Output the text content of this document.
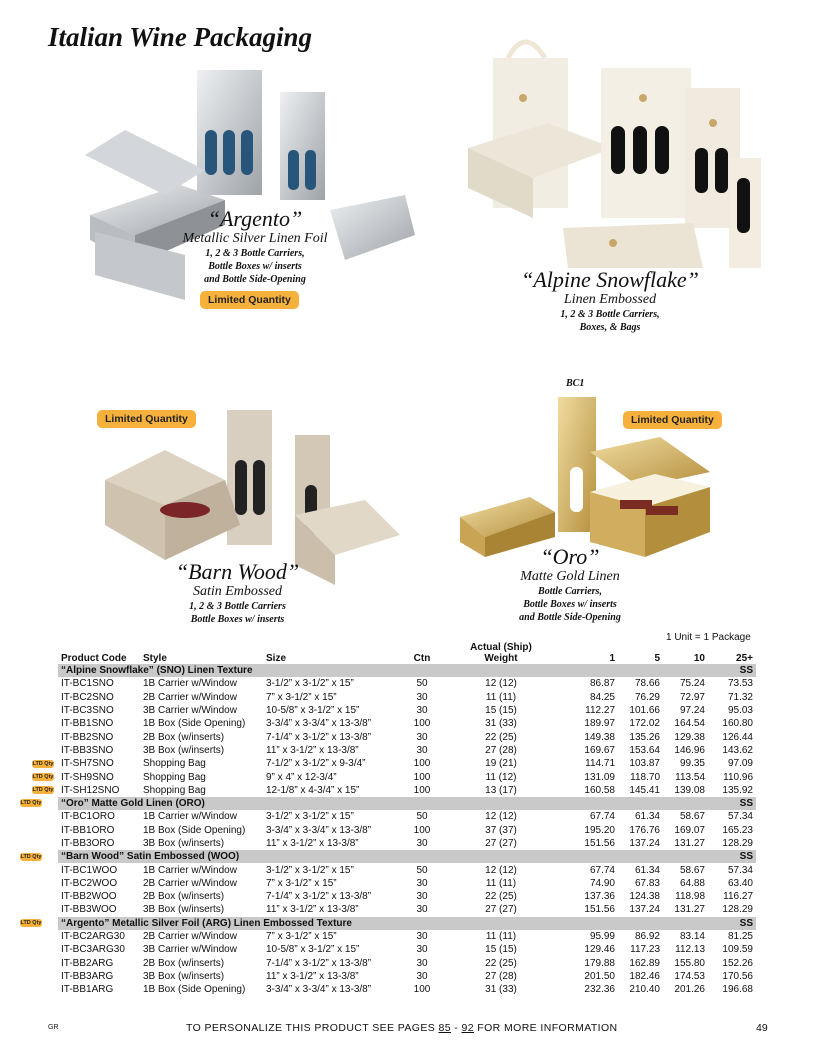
Italian Wine Packaging
“Argento”
Metallic Silver Linen Foil
1, 2 & 3 Bottle Carriers,
Bottle Boxes w/ inserts
and Bottle Side-Opening
Limited Quantity
“Alpine Snowflake”
Linen Embossed
1, 2 & 3 Bottle Carriers,
Boxes, & Bags
Limited Quantity
“Barn Wood”
Satin Embossed
1, 2 & 3 Bottle Carriers
Bottle Boxes w/ inserts
BC1
Limited Quantity
“Oro”
Matte Gold Linen
Bottle Carriers,
Bottle Boxes w/ inserts
and Bottle Side-Opening
1 Unit = 1 Package
Product Code	Style	Size	Ctn	Actual (Ship)
Weight	1	5	10	25+
“Alpine Snowflake” (SNO) Linen Texture								SS
IT-BC1SNO	1B Carrier w/Window	3-1/2” x 3-1/2” x 15”	50	12 (12)	86.87	78.66	75.24	73.53
IT-BC2SNO	2B Carrier w/Window	7” x 3-1/2” x 15”	30	11 (11)	84.25	76.29	72.97	71.32
IT-BC3SNO	3B Carrier w/Window	10-5/8” x 3-1/2” x 15”	30	15 (15)	112.27	101.66	97.24	95.03
IT-BB1SNO	1B Box (Side Opening)	3-3/4” x 3-3/4” x 13-3/8”	100	31 (33)	189.97	172.02	164.54	160.80
IT-BB2SNO	2B Box (w/inserts)	7-1/4” x 3-1/2” x 13-3/8”	30	22 (25)	149.38	135.26	129.38	126.44
IT-BB3SNO	3B Box (w/inserts)	11” x 3-1/2” x 13-3/8”	30	27 (28)	169.67	153.64	146.96	143.62
IT-SH7SNO	Shopping Bag	7-1/2” x 3-1/2” x 9-3/4”	100	19 (21)	114.71	103.87	99.35	97.09
IT-SH9SNO	Shopping Bag	9” x 4” x 12-3/4”	100	11 (12)	131.09	118.70	113.54	110.96
IT-SH12SNO	Shopping Bag	12-1/8” x 4-3/4” x 15”	100	13 (17)	160.58	145.41	139.08	135.92
“Oro” Matte Gold Linen (ORO)								SS
IT-BC1ORO	1B Carrier w/Window	3-1/2” x 3-1/2” x 15”	50	12 (12)	67.74	61.34	58.67	57.34
IT-BB1ORO	1B Box (Side Opening)	3-3/4” x 3-3/4” x 13-3/8”	100	37 (37)	195.20	176.76	169.07	165.23
IT-BB3ORO	3B Box (w/inserts)	11” x 3-1/2” x 13-3/8”	30	27 (27)	151.56	137.24	131.27	128.29
“Barn Wood” Satin Embossed (WOO)								SS
IT-BC1WOO	1B Carrier w/Window	3-1/2” x 3-1/2” x 15”	50	12 (12)	67.74	61.34	58.67	57.34
IT-BC2WOO	2B Carrier w/Window	7” x 3-1/2” x 15”	30	11 (11)	74.90	67.83	64.88	63.40
IT-BB2WOO	2B Box (w/inserts)	7-1/4” x 3-1/2” x 13-3/8”	30	22 (25)	137.36	124.38	118.98	116.27
IT-BB3WOO	3B Box (w/inserts)	11” x 3-1/2” x 13-3/8”	30	27 (27)	151.56	137.24	131.27	128.29
“Argento” Metallic Silver Foil (ARG) Linen Embossed Texture								SS
IT-BC2ARG30	2B Carrier w/Window	7” x 3-1/2” x 15”	30	11 (11)	95.99	86.92	83.14	81.25
IT-BC3ARG30	3B Carrier w/Window	10-5/8” x 3-1/2” x 15”	30	15 (15)	129.46	117.23	112.13	109.59
IT-BB2ARG	2B Box (w/inserts)	7-1/4” x 3-1/2” x 13-3/8”	30	22 (25)	179.88	162.89	155.80	152.26
IT-BB3ARG	3B Box (w/inserts)	11” x 3-1/2” x 13-3/8”	30	27 (28)	201.50	182.46	174.53	170.56
IT-BB1ARG	1B Box (Side Opening)	3-3/4” x 3-3/4” x 13-3/8”	100	31 (33)	232.36	210.40	201.26	196.68
GR	TO PERSONALIZE THIS PRODUCT SEE PAGES 85 - 92 FOR MORE INFORMATION	49
LTD Qty
LTD Qty
LTD Qty
LTD Qty
LTD Qty
LTD Qty
